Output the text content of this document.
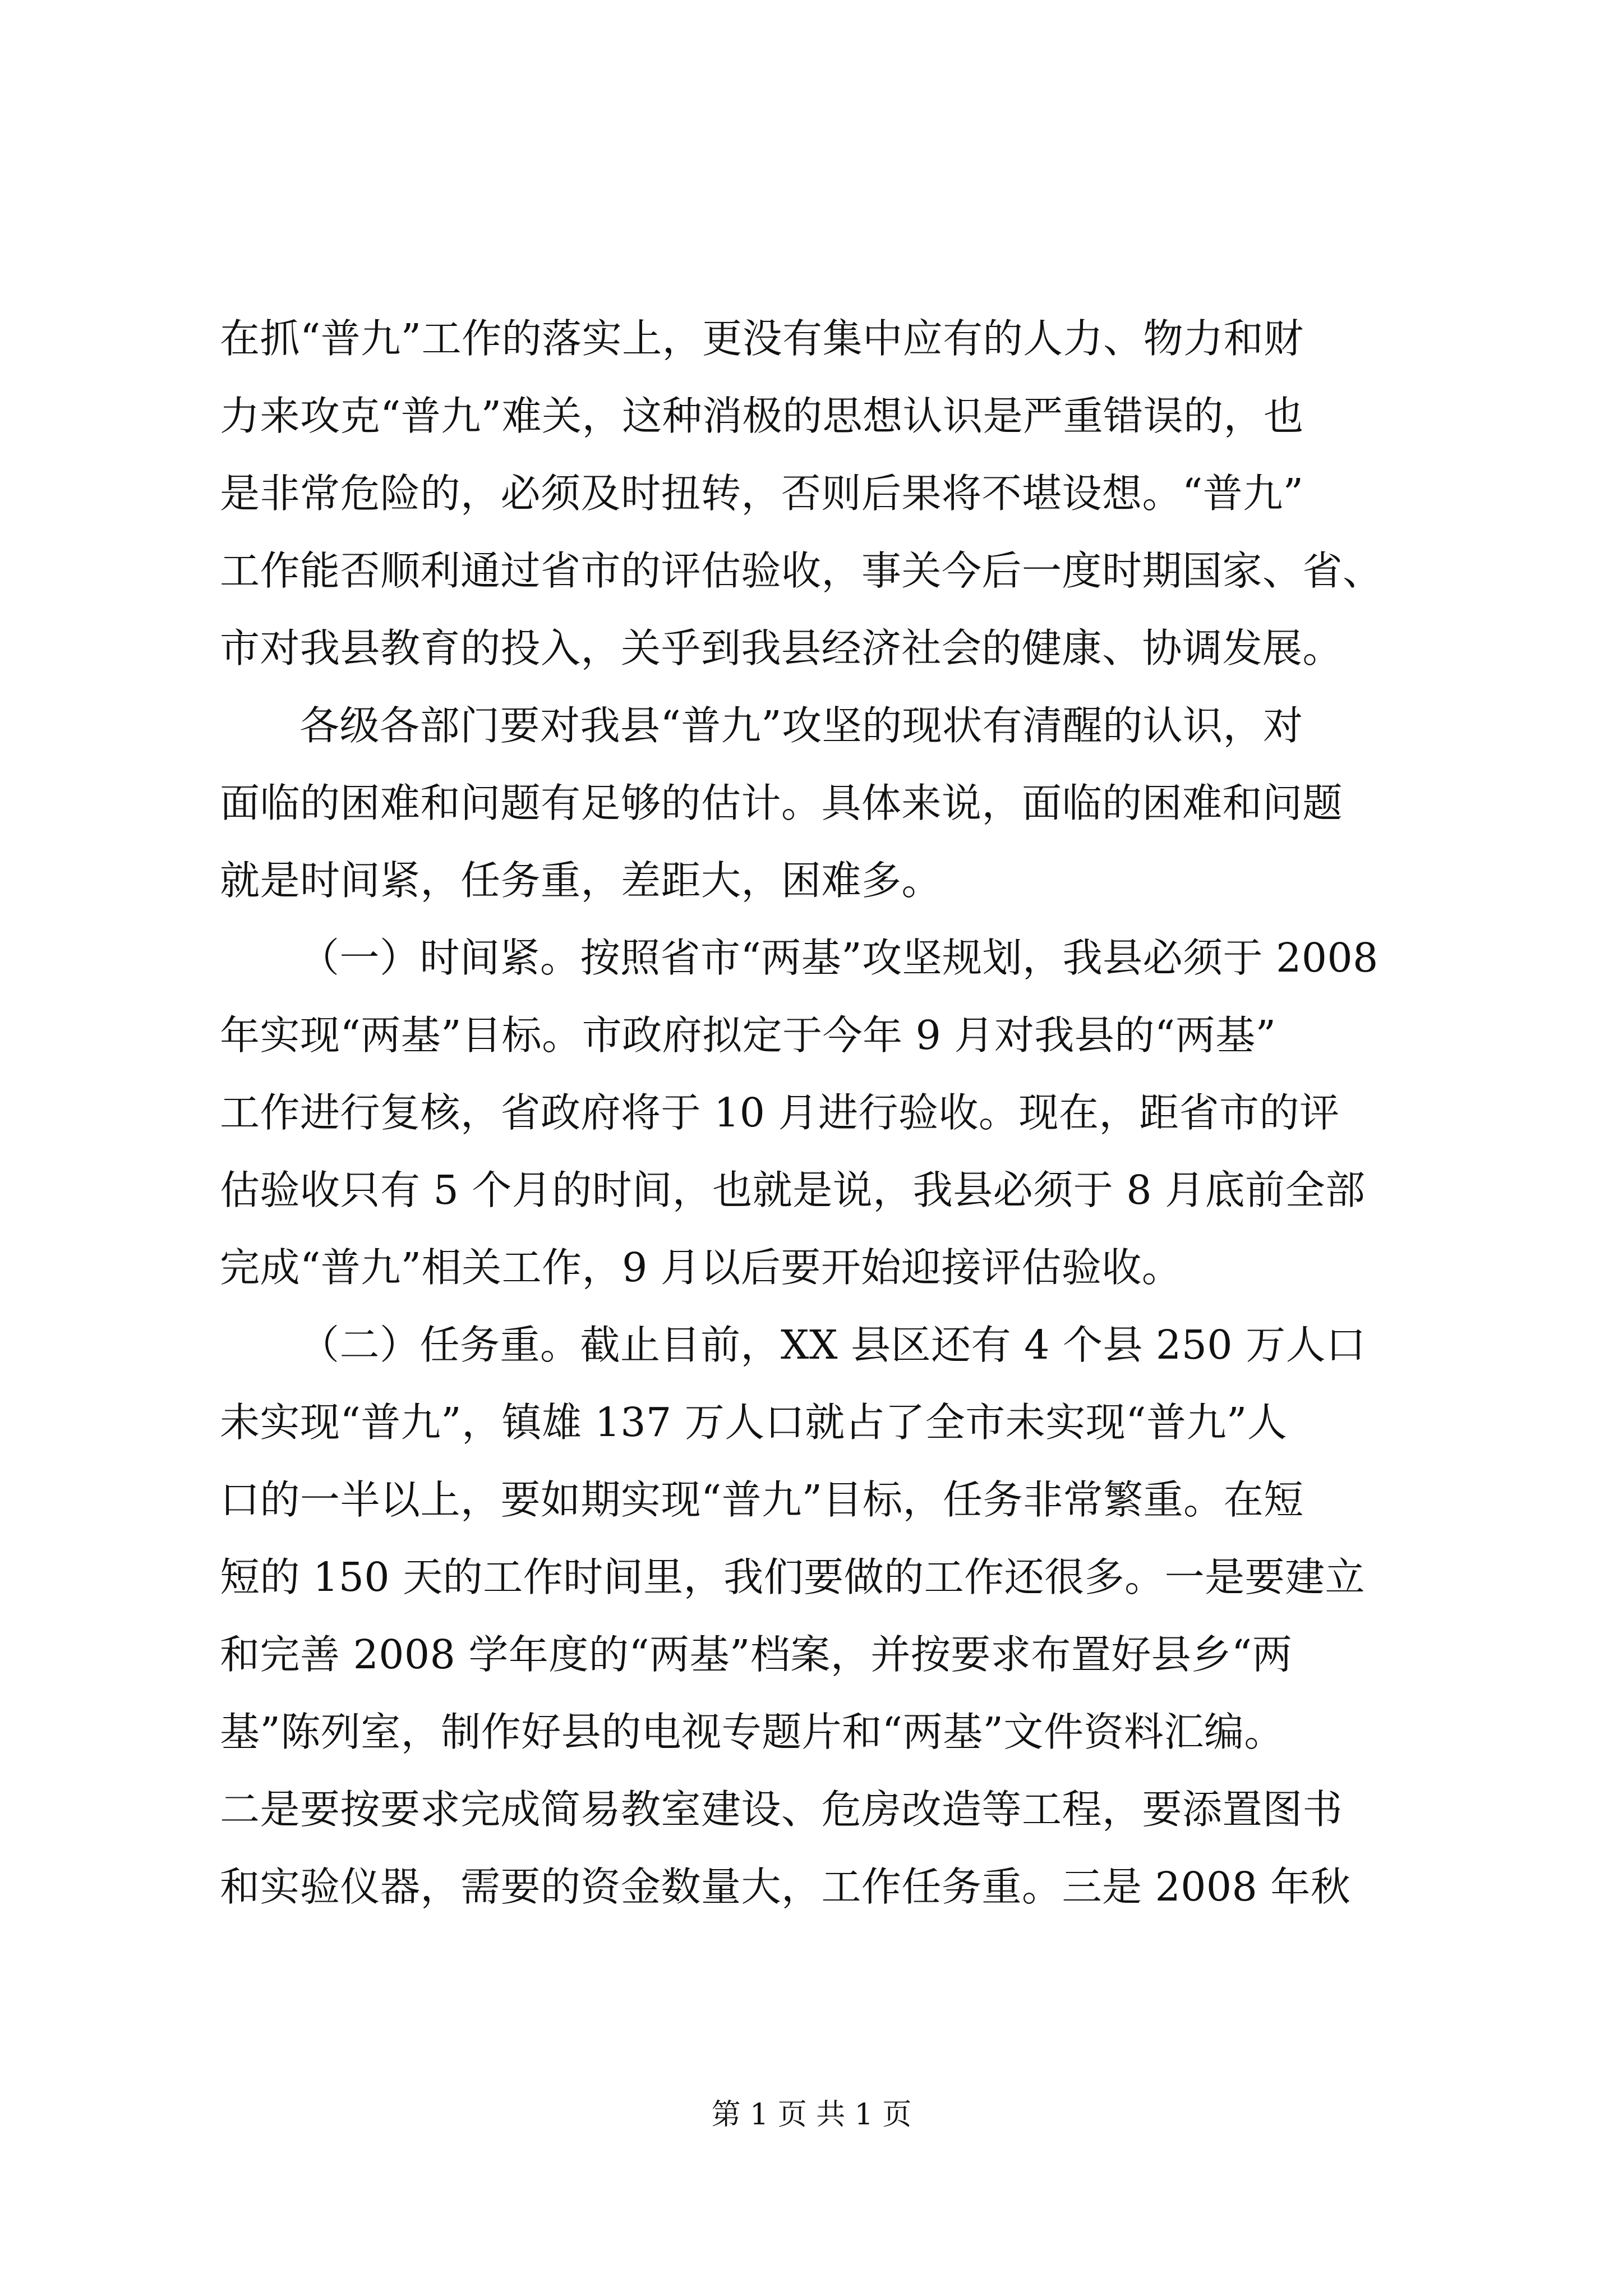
在抓“普九”工作的落实上，更没有集中应有的人力、物力和财
力来攻克“普九”难关，这种消极的思想认识是严重错误的，也
是非常危险的，必须及时扭转，否则后果将不堪设想。“普九”
工作能否顺利通过省市的评估验收，事关今后一度时期国家、省、
市对我县教育的投入，关乎到我县经济社会的健康、协调发展。
各级各部门要对我县“普九”攻坚的现状有清醒的认识，对
面临的困难和问题有足够的估计。具体来说，面临的困难和问题
就是时间紧，任务重，差距大，困难多。
（一）时间紧。按照省市“两基”攻坚规划，我县必须于 2008
年实现“两基”目标。市政府拟定于今年 9 月对我县的“两基”
工作进行复核，省政府将于 10 月进行验收。现在，距省市的评
估验收只有 5 个月的时间，也就是说，我县必须于 8 月底前全部
完成“普九”相关工作，9 月以后要开始迎接评估验收。
（二）任务重。截止目前，XX 县区还有 4 个县 250 万人口
未实现“普九”，镇雄 137 万人口就占了全市未实现“普九”人
口的一半以上，要如期实现“普九”目标，任务非常繁重。在短
短的 150 天的工作时间里，我们要做的工作还很多。一是要建立
和完善 2008 学年度的“两基”档案，并按要求布置好县乡“两
基”陈列室，制作好县的电视专题片和“两基”文件资料汇编。
二是要按要求完成简易教室建设、危房改造等工程，要添置图书
和实验仪器，需要的资金数量大，工作任务重。三是 2008 年秋
第 1 页 共 1 页
